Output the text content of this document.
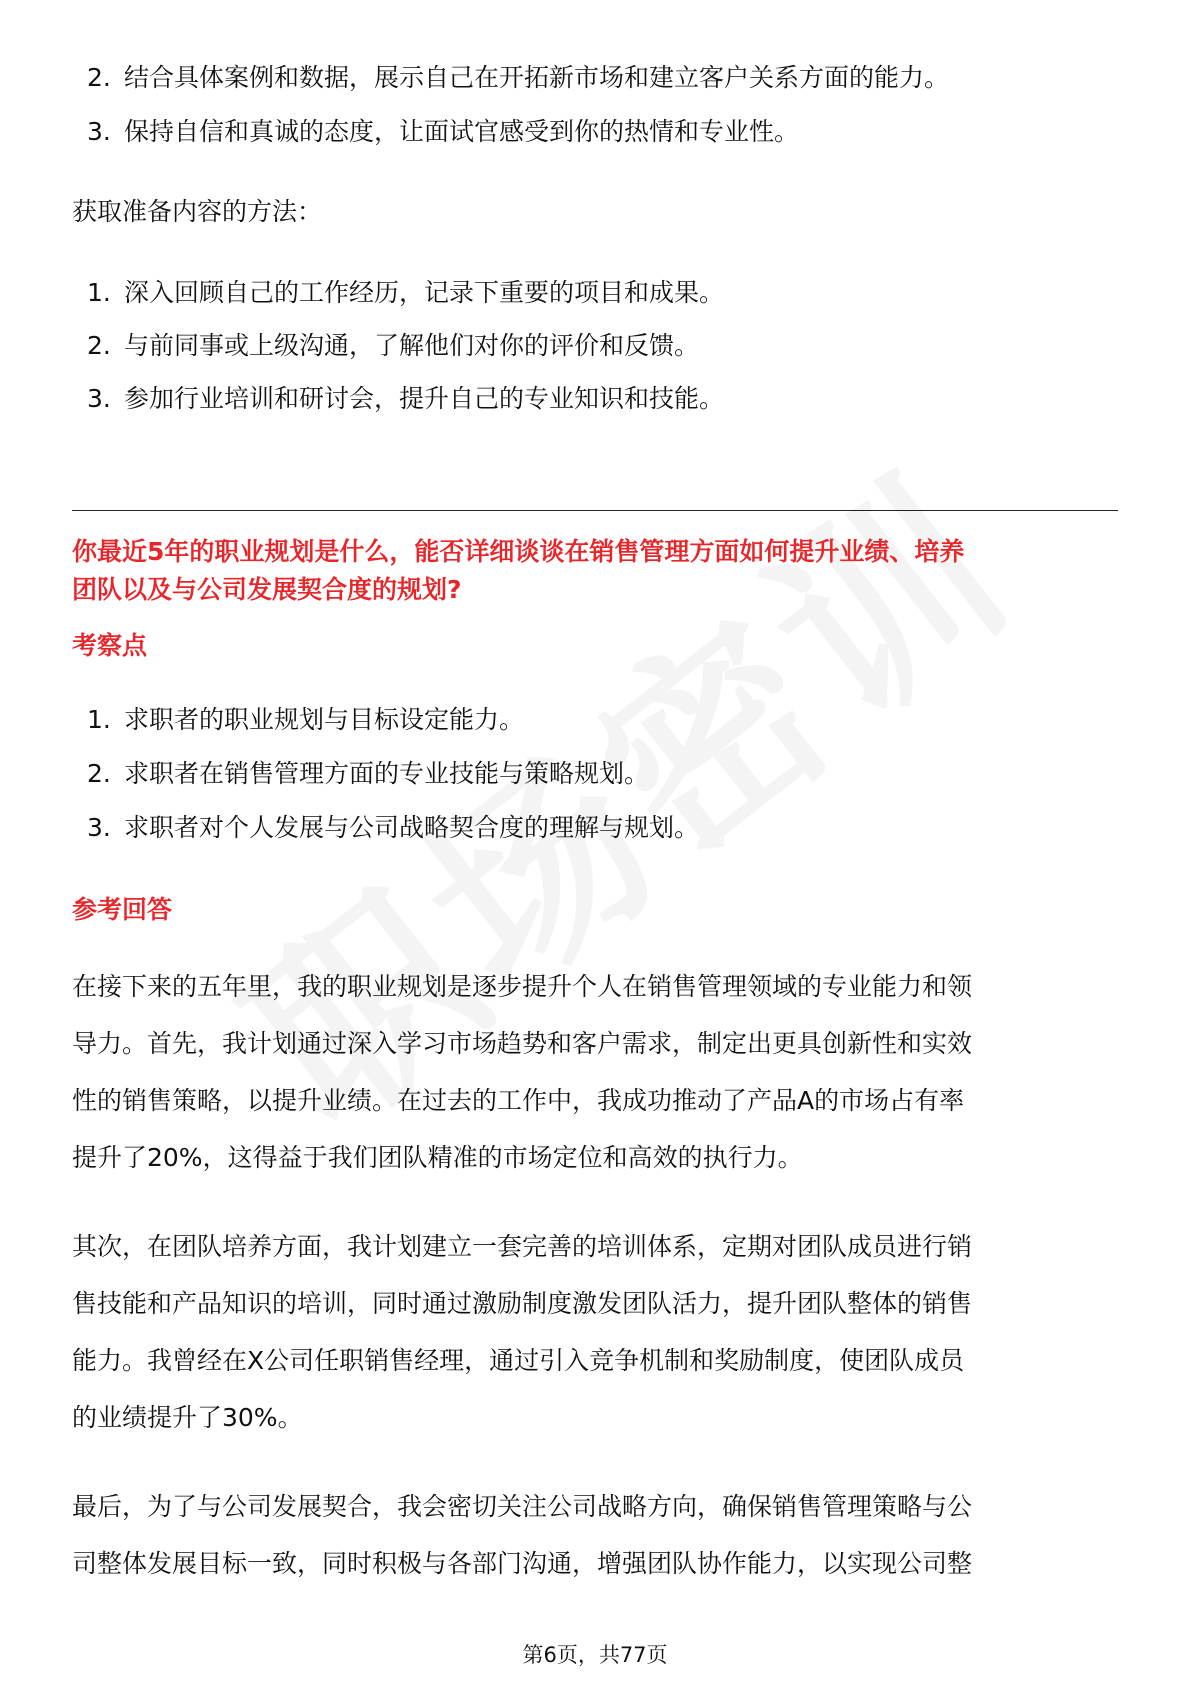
2. 结合具体案例和数据，展示自己在开拓新市场和建立客户关系方面的能力。
3. 保持自信和真诚的态度，让面试官感受到你的热情和专业性。

获取准备内容的方法：

1. 深入回顾自己的工作经历，记录下重要的项目和成果。
2. 与前同事或上级沟通，了解他们对你的评价和反馈。
3. 参加行业培训和研讨会，提升自己的专业知识和技能。

你最近5年的职业规划是什么，能否详细谈谈在销售管理方面如何提升业绩、培养

团队以及与公司发展契合度的规划?

考察点

1. 求职者的职业规划与目标设定能力。
2. 求职者在销售管理方面的专业技能与策略规划。
3. 求职者对个人发展与公司战略契合度的理解与规划。

参考回答

在接下来的五年里，我的职业规划是逐步提升个人在销售管理领域的专业能力和领

导力。首先，我计划通过深入学习市场趋势和客户需求，制定出更具创新性和实效

性的销售策略，以提升业绩。在过去的工作中，我成功推动了产品A的市场占有率

提升了20%，这得益于我们团队精准的市场定位和高效的执行力。

其次，在团队培养方面，我计划建立一套完善的培训体系，定期对团队成员进行销

售技能和产品知识的培训，同时通过激励制度激发团队活力，提升团队整体的销售

能力。我曾经在X公司任职销售经理，通过引入竞争机制和奖励制度，使团队成员

的业绩提升了30%。

最后，为了与公司发展契合，我会密切关注公司战略方向，确保销售管理策略与公

司整体发展目标一致，同时积极与各部门沟通，增强团队协作能力，以实现公司整

第6页，共77页
